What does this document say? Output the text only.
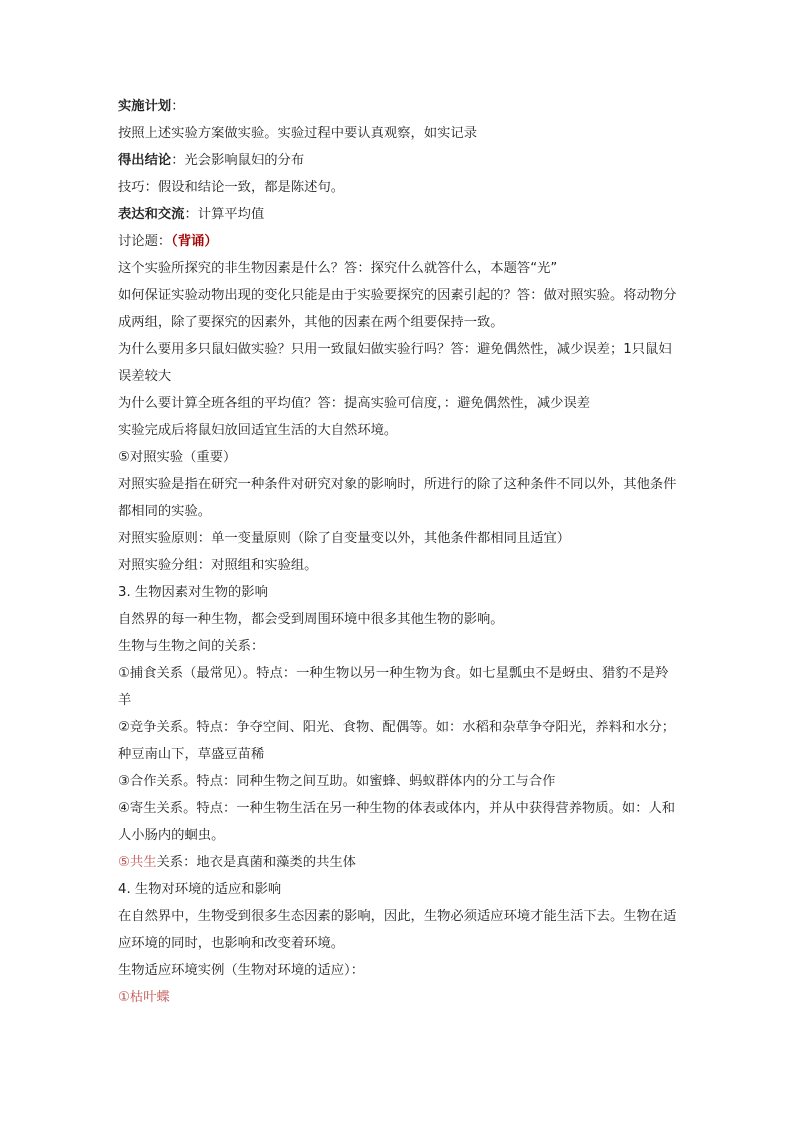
实施计划：

按照上述实验方案做实验。实验过程中要认真观察，如实记录

得出结论：光会影响鼠妇的分布

技巧：假设和结论一致，都是陈述句。

表达和交流：计算平均值

讨论题：（背诵）

这个实验所探究的非生物因素是什么？答：探究什么就答什么，本题答“光”

如何保证实验动物出现的变化只能是由于实验要探究的因素引起的？答：做对照实验。将动物分成两组，除了要探究的因素外，其他的因素在两个组要保持一致。

为什么要用多只鼠妇做实验？只用一致鼠妇做实验行吗？答：避免偶然性，减少误差；1只鼠妇误差较大

为什么要计算全班各组的平均值？答：提高实验可信度，：避免偶然性，减少误差

实验完成后将鼠妇放回适宜生活的大自然环境。

⑤对照实验（重要）

对照实验是指在研究一种条件对研究对象的影响时，所进行的除了这种条件不同以外，其他条件都相同的实验。

对照实验原则：单一变量原则（除了自变量变以外，其他条件都相同且适宜）

对照实验分组：对照组和实验组。

3. 生物因素对生物的影响

自然界的每一种生物，都会受到周围环境中很多其他生物的影响。

生物与生物之间的关系：

①捕食关系（最常见）。特点：一种生物以另一种生物为食。如七星瓢虫不是蚜虫、猎豹不是羚羊

②竞争关系。特点：争夺空间、阳光、食物、配偶等。如：水稻和杂草争夺阳光，养料和水分；种豆南山下，草盛豆苗稀

③合作关系。特点：同种生物之间互助。如蜜蜂、蚂蚁群体内的分工与合作

④寄生关系。特点：一种生物生活在另一种生物的体表或体内，并从中获得营养物质。如：人和人小肠内的蛔虫。

⑤共生关系：地衣是真菌和藻类的共生体

4. 生物对环境的适应和影响

在自然界中，生物受到很多生态因素的影响，因此，生物必须适应环境才能生活下去。生物在适应环境的同时，也影响和改变着环境。

生物适应环境实例（生物对环境的适应）：

①枯叶蝶
